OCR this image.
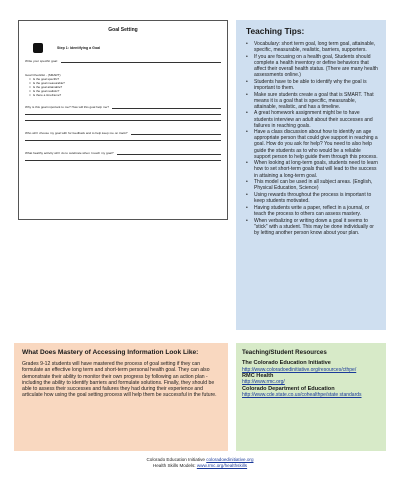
Goal Setting
Step 1: Identifying a Goal
Write your specific goal:
Goal Checklist - (SMART)
□ Is the goal specific?
□ Is the goal measurable?
□ Is the goal attainable?
□ Is the goal realistic?
□ Is there a timeframe?
Why is this goal important to me? How will this goal help me?
Who will I choose my goal with for feedback and to help keep me on track?
What healthy activity will I do to celebrate when I reach my goal?
Teaching Tips:
•	Vocabulary: short term goal, long term goal, attainable, specific, measurable, realistic, barriers, supporters.
•	If you are focusing on a health goal, Students should complete a health inventory or define behaviors that affect their overall health status. (There are many health assessments online.)
•	Students have to be able to identify why the goal is important to them.
•	Make sure students create a goal that is SMART. That means it is a goal that is specific, measurable, attainable, realistic, and has a timeline.
•	A great homework assignment might be to have students interview an adult about their successes and failures in reaching goals.
•	Have a class discussion about how to identify an age appropriate person that could give support in reaching a goal. How do you ask for help? You need to also help guide the students as to who would be a reliable support person to help guide them through this process.
•	When looking at long-term goals, students need to learn how to set short-term goals that will lead to the success in attaining a long-term goal.
•	This model can be used in all subject areas. (English, Physical Education, Science)
•	Using rewards throughout the process is important to keep students motivated.
•	Having students write a paper, reflect in a journal, or teach the process to others can assess mastery.
•	When verbalizing or writing down a goal it seems to "stick" with a student. This may be done individually or by letting another person know about your plan.
What Does Mastery of Accessing Information Look Like:
Grades 9-12 students will have mastered the process of goal setting if they can formulate an effective long term and short-term personal health goal. They can also demonstrate their ability to monitor their own progress by following an action plan - including the ability to identify barriers and formulate solutions. Finally, they should be able to assess their successes and failures they had during their experience and articulate how using the goal setting process will help them be successful in the future.
Teaching/Student Resources
The Colorado Education Initiative
http://www.coloradoedinitiative.org/resources/cthpe/
RMC Health
http://www.rmc.org/
Colorado Department of Education
http://www.cde.state.co.us/cohealthpe/state standards
Colorado Education Initiative coloradoedinitiative.org
Health Skills Models: www.rmc.org/healthskills
